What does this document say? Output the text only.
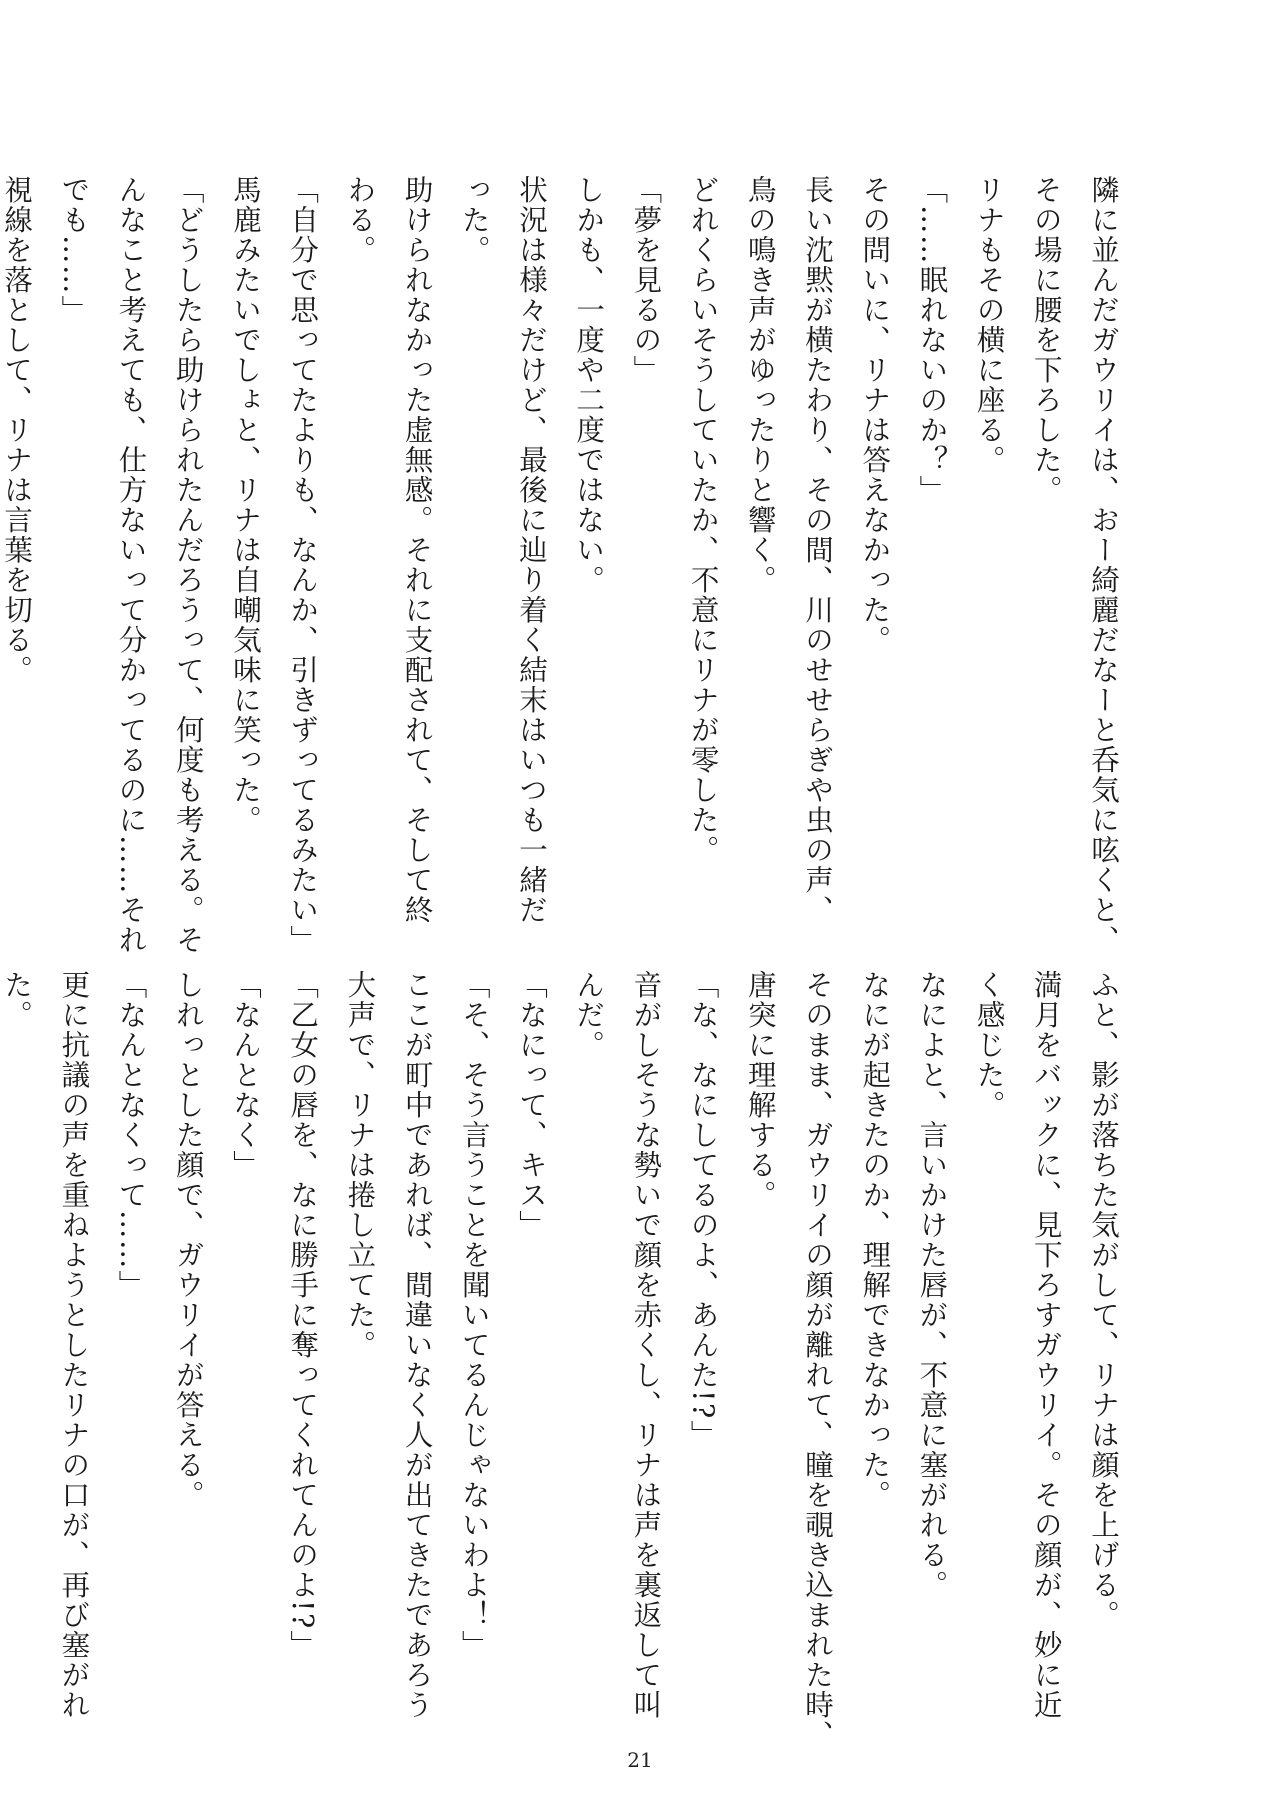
隣に並んだガウリイは、おー綺麗だなーと呑気に呟くと、

その場に腰を下ろした。

リナもその横に座る。

「……眠れないのか？」

その問いに、リナは答えなかった。

長い沈黙が横たわり、その間、川のせせらぎや虫の声、

鳥の鳴き声がゆったりと響く。

どれくらいそうしていたか、不意にリナが零した。

「夢を見るの」

しかも、一度や二度ではない。

状況は様々だけど、最後に辿り着く結末はいつも一緒だ

った。

助けられなかった虚無感。それに支配されて、そして終

わる。

「自分で思ってたよりも、なんか、引きずってるみたい」

馬鹿みたいでしょと、リナは自嘲気味に笑った。

「どうしたら助けられたんだろうって、何度も考える。そ

んなこと考えても、仕方ないって分かってるのに……それ

でも……」

視線を落として、リナは言葉を切る。

ふと、影が落ちた気がして、リナは顔を上げる。

満月をバックに、見下ろすガウリイ。その顔が、妙に近

く感じた。

なによと、言いかけた唇が、不意に塞がれる。

なにが起きたのか、理解できなかった。

そのまま、ガウリイの顔が離れて、瞳を覗き込まれた時、

唐突に理解する。

「な、なにしてるのよ、あんた!?」

音がしそうな勢いで顔を赤くし、リナは声を裏返して叫

んだ。

「なにって、キス」

「そ、そう言うことを聞いてるんじゃないわよ！」

ここが町中であれば、間違いなく人が出てきたであろう

大声で、リナは捲し立てた。

「乙女の唇を、なに勝手に奪ってくれてんのよ!?」

「なんとなく」

しれっとした顔で、ガウリイが答える。

「なんとなくって……」

更に抗議の声を重ねようとしたリナの口が、再び塞がれ

た。

21
